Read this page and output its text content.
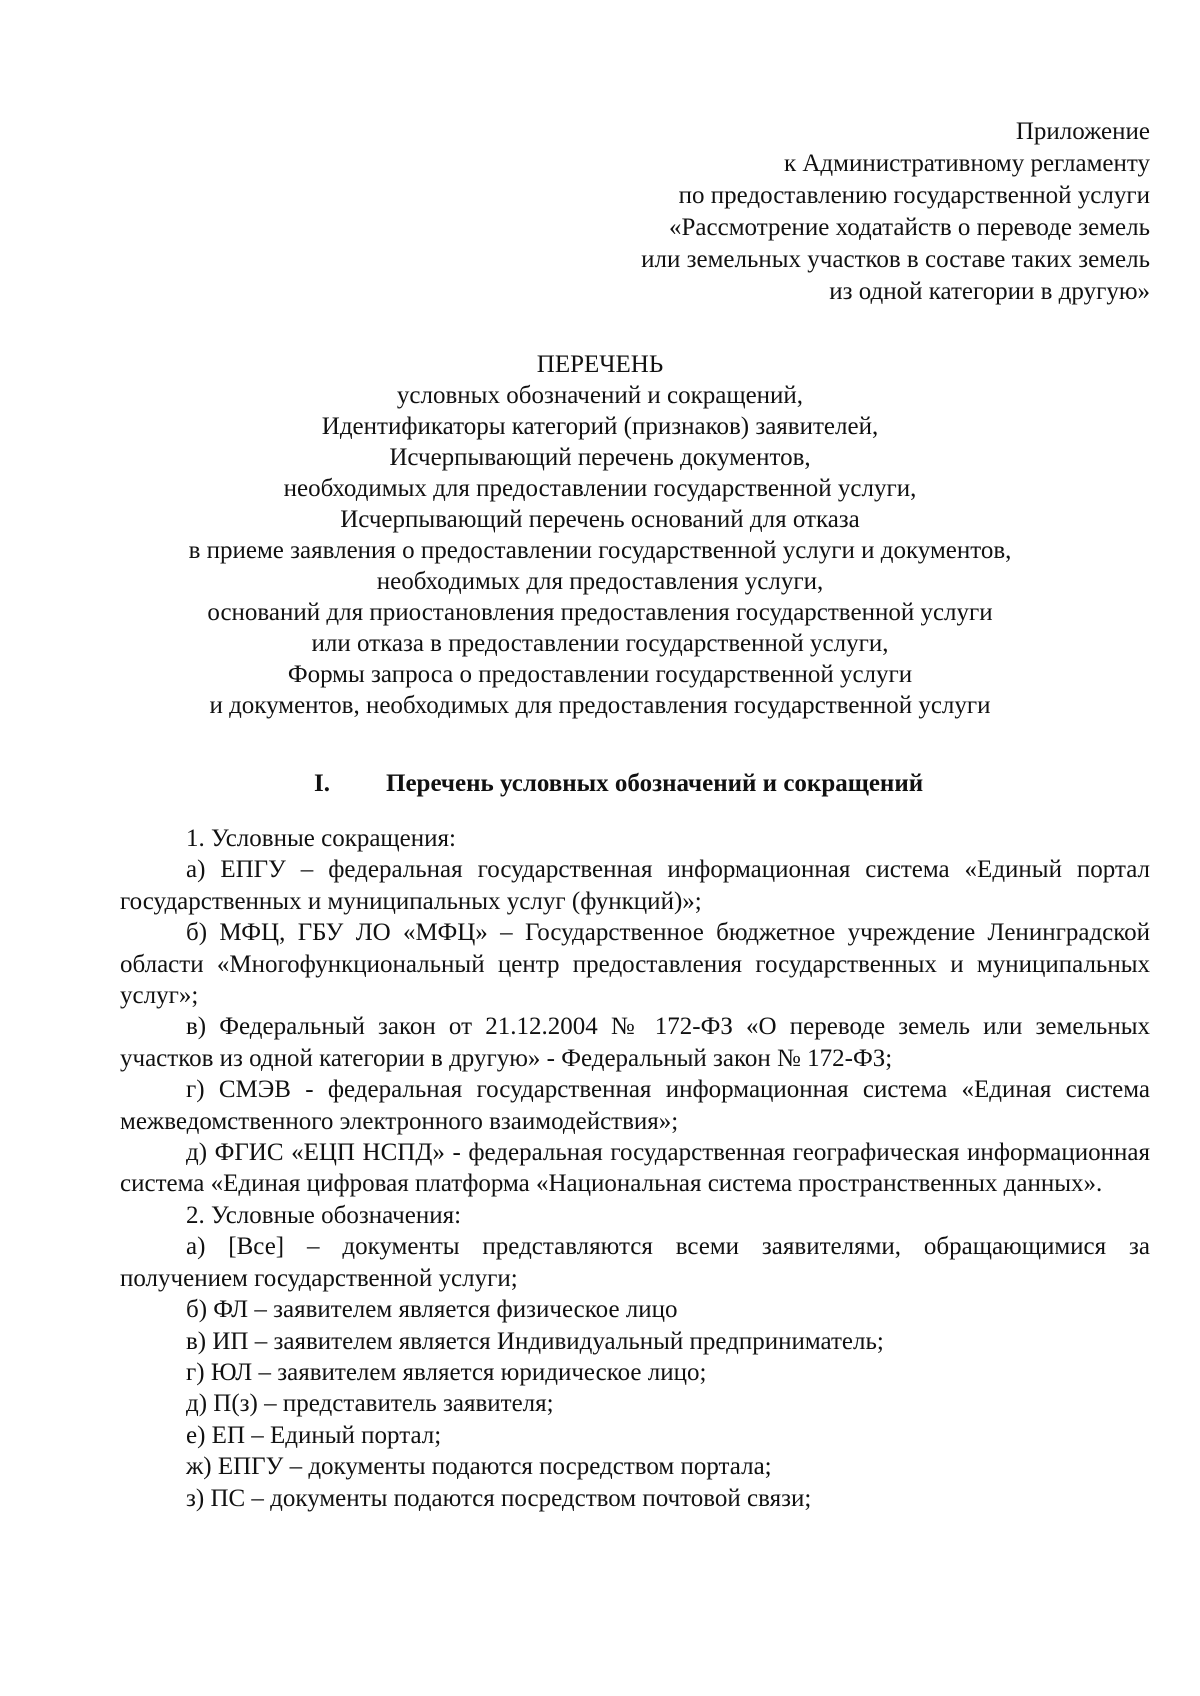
Приложение
к Административному регламенту
по предоставлению государственной услуги
«Рассмотрение ходатайств о переводе земель
или земельных участков в составе таких земель
из одной категории в другую»
ПЕРЕЧЕНЬ
условных обозначений и сокращений,
Идентификаторы категорий (признаков) заявителей,
Исчерпывающий перечень документов,
необходимых для предоставлении государственной услуги,
Исчерпывающий перечень оснований для отказа
в приеме заявления о предоставлении государственной услуги и документов,
необходимых для предоставления услуги,
оснований для приостановления предоставления государственной услуги
или отказа в предоставлении государственной услуги,
Формы запроса о предоставлении государственной услуги
и документов, необходимых для предоставления государственной услуги
I. Перечень условных обозначений и сокращений

1. Условные сокращения:

а) ЕПГУ – федеральная государственная информационная система «Единый портал государственных и муниципальных услуг (функций)»;

б) МФЦ, ГБУ ЛО «МФЦ» – Государственное бюджетное учреждение Ленинградской области «Многофункциональный центр предоставления государственных и муниципальных услуг»;

в) Федеральный закон от 21.12.2004 № 172-ФЗ «О переводе земель или земельных участков из одной категории в другую» - Федеральный закон № 172-ФЗ;

г) СМЭВ - федеральная государственная информационная система «Единая система межведомственного электронного взаимодействия»;

д) ФГИС «ЕЦП НСПД» - федеральная государственная географическая информационная система «Единая цифровая платформа «Национальная система пространственных данных».

2. Условные обозначения:

а) [Все] – документы представляются всеми заявителями, обращающимися за получением государственной услуги;

б) ФЛ – заявителем является физическое лицо

в) ИП – заявителем является Индивидуальный предприниматель;

г) ЮЛ – заявителем является юридическое лицо;

д) П(з) – представитель заявителя;

е) ЕП – Единый портал;

ж) ЕПГУ – документы подаются посредством портала;

з) ПС – документы подаются посредством почтовой связи;
